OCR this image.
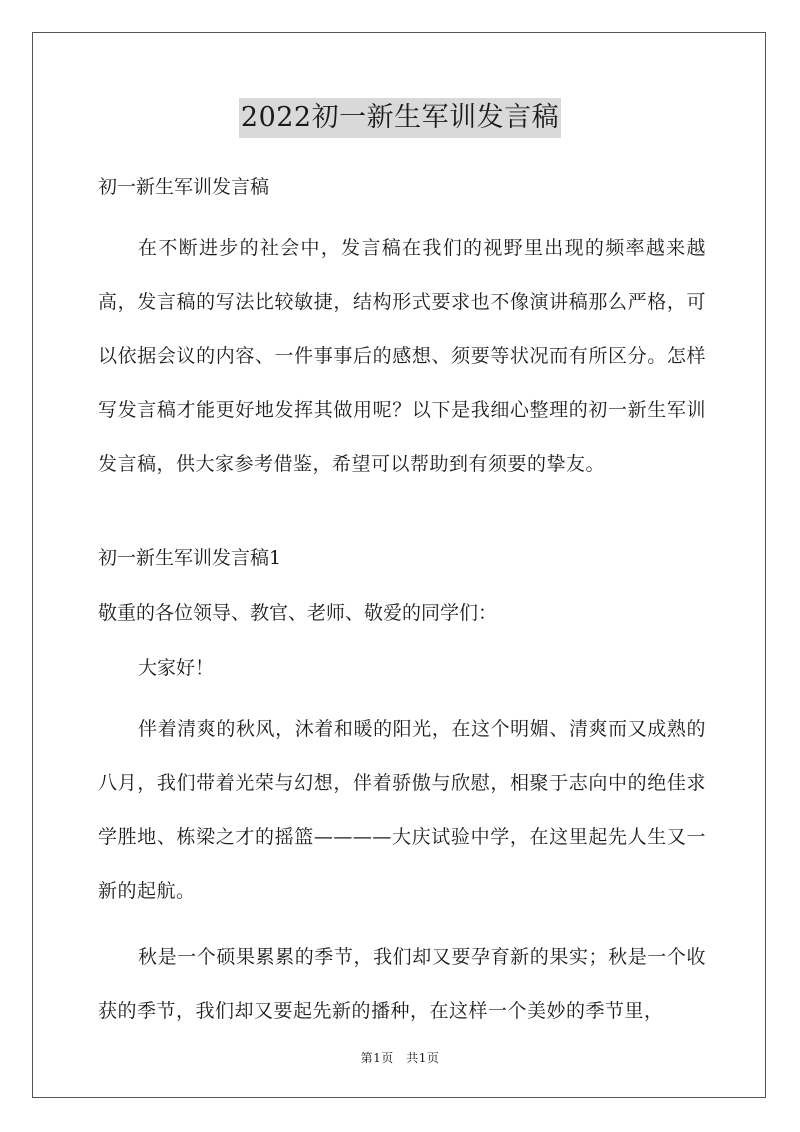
2022初一新生军训发言稿
初一新生军训发言稿
在不断进步的社会中，发言稿在我们的视野里出现的频率越来越高，发言稿的写法比较敏捷，结构形式要求也不像演讲稿那么严格，可以依据会议的内容、一件事事后的感想、须要等状况而有所区分。怎样写发言稿才能更好地发挥其做用呢？以下是我细心整理的初一新生军训发言稿，供大家参考借鉴，希望可以帮助到有须要的挚友。
初一新生军训发言稿1
敬重的各位领导、教官、老师、敬爱的同学们：
大家好！
伴着清爽的秋风，沐着和暖的阳光，在这个明媚、清爽而又成熟的八月，我们带着光荣与幻想，伴着骄傲与欣慰，相聚于志向中的绝佳求学胜地、栋梁之才的摇篮————大庆试验中学，在这里起先人生又一新的起航。
秋是一个硕果累累的季节，我们却又要孕育新的果实；秋是一个收获的季节，我们却又要起先新的播种，在这样一个美妙的季节里，
第1页　共1页
